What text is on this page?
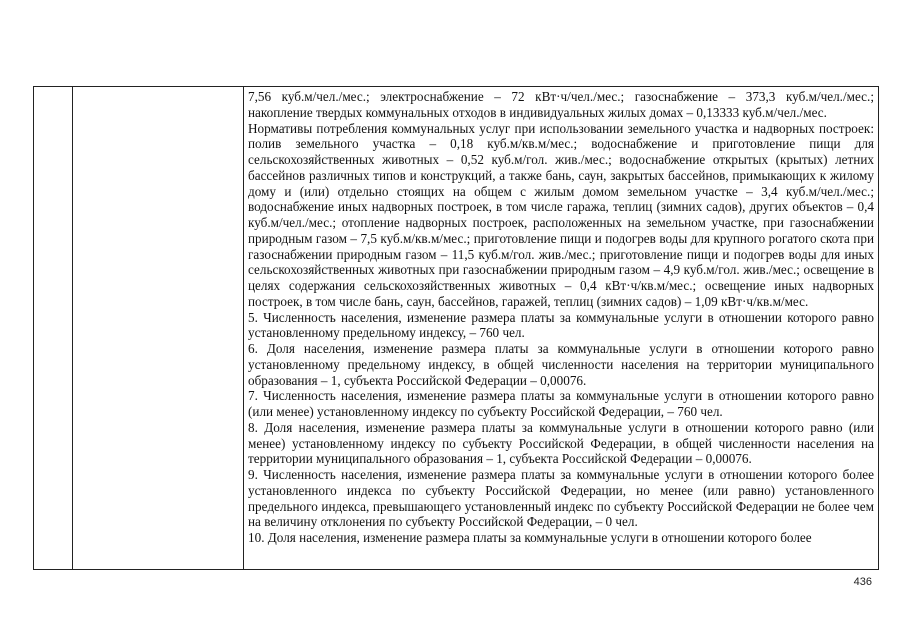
7,56 куб.м/чел./мес.; электроснабжение – 72 кВт·ч/чел./мес.; газоснабжение – 373,3 куб.м/чел./мес.; накопление твердых коммунальных отходов в индивидуальных жилых домах – 0,13333 куб.м/чел./мес.

Нормативы потребления коммунальных услуг при использовании земельного участка и надворных построек: полив земельного участка – 0,18 куб.м/кв.м/мес.; водоснабжение и приготовление пищи для сельскохозяйственных животных – 0,52 куб.м/гол. жив./мес.; водоснабжение открытых (крытых) летних бассейнов различных типов и конструкций, а также бань, саун, закрытых бассейнов, примыкающих к жилому дому и (или) отдельно стоящих на общем с жилым домом земельном участке – 3,4 куб.м/чел./мес.; водоснабжение иных надворных построек, в том числе гаража, теплиц (зимних садов), других объектов – 0,4 куб.м/чел./мес.; отопление надворных построек, расположенных на земельном участке, при газоснабжении природным газом – 7,5 куб.м/кв.м/мес.; приготовление пищи и подогрев воды для крупного рогатого скота при газоснабжении природным газом – 11,5 куб.м/гол. жив./мес.; приготовление пищи и подогрев воды для иных сельскохозяйственных животных при газоснабжении природным газом – 4,9 куб.м/гол. жив./мес.; освещение в целях содержания сельскохозяйственных животных – 0,4 кВт·ч/кв.м/мес.; освещение иных надворных построек, в том числе бань, саун, бассейнов, гаражей, теплиц (зимних садов) – 1,09 кВт·ч/кв.м/мес.

5. Численность населения, изменение размера платы за коммунальные услуги в отношении которого равно установленному предельному индексу, – 760 чел.

6. Доля населения, изменение размера платы за коммунальные услуги в отношении которого равно установленному предельному индексу, в общей численности населения на территории муниципального образования – 1, субъекта Российской Федерации – 0,00076.

7. Численность населения, изменение размера платы за коммунальные услуги в отношении которого равно (или менее) установленному индексу по субъекту Российской Федерации, – 760 чел.

8. Доля населения, изменение размера платы за коммунальные услуги в отношении которого равно (или менее) установленному индексу по субъекту Российской Федерации, в общей численности населения на территории муниципального образования – 1, субъекта Российской Федерации – 0,00076.

9. Численность населения, изменение размера платы за коммунальные услуги в отношении которого более установленного индекса по субъекту Российской Федерации, но менее (или равно) установленного предельного индекса, превышающего установленный индекс по субъекту Российской Федерации не более чем на величину отклонения по субъекту Российской Федерации, – 0 чел.

10. Доля населения, изменение размера платы за коммунальные услуги в отношении которого более

436
